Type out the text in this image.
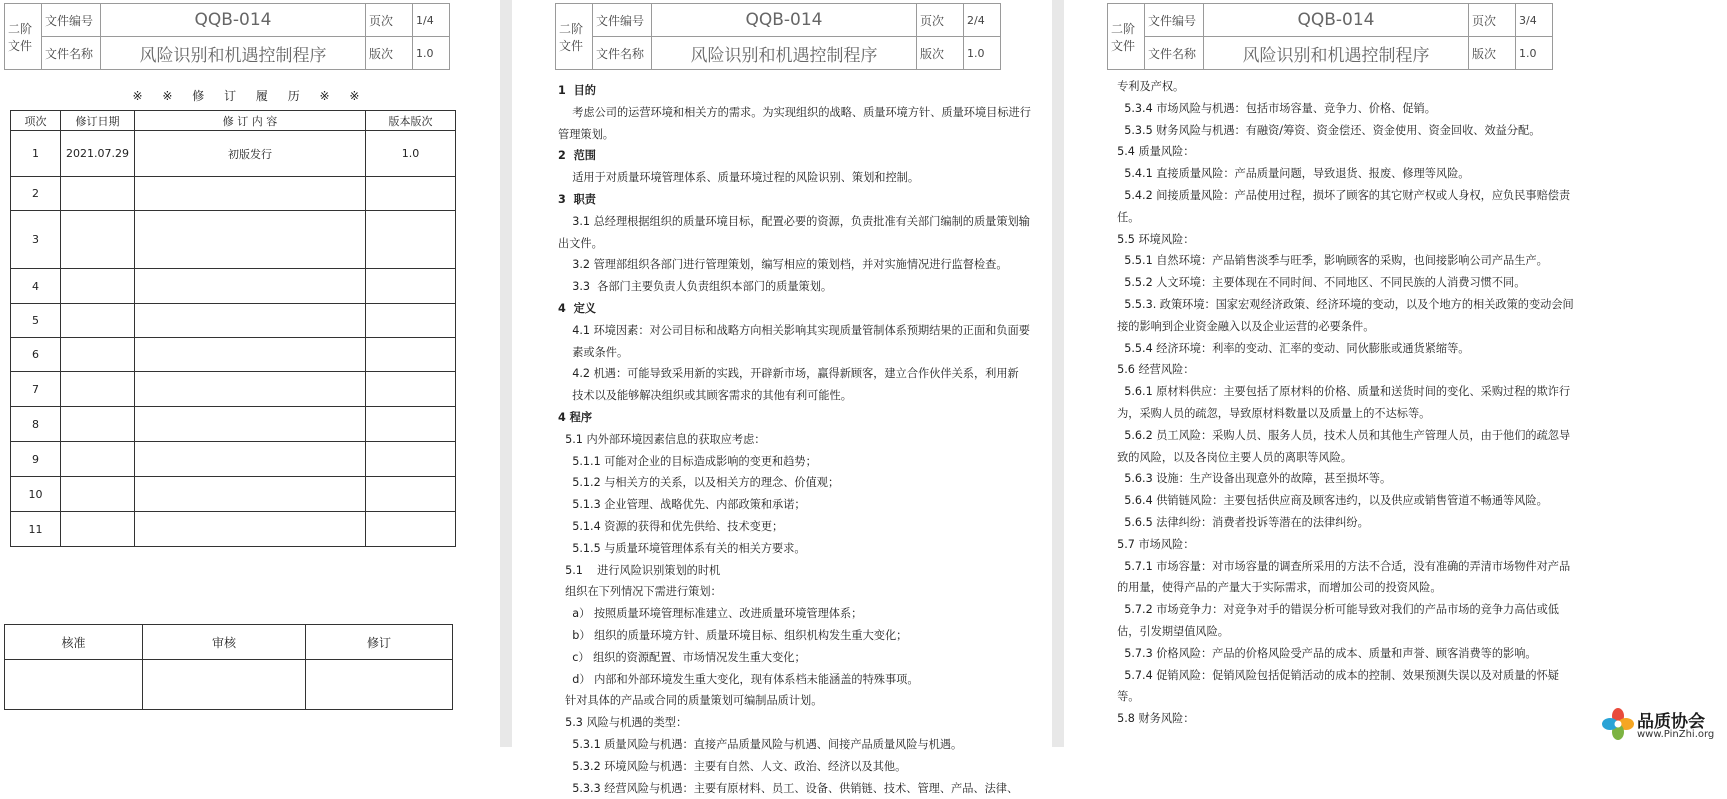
二阶文件	文件编号	QQB-014	页次	1/4
	文件名称	风险识别和机遇控制程序	版次	1.0
※ ※ 修 订 履 历 ※ ※
项次	修订日期	修 订 内 容	版本版次
1	2021.07.29	初版发行	1.0
2			
3			
4			
5			
6			
7			
8			
9			
10			
11			
核准	审核	修订

二阶文件	文件编号	QQB-014	页次	2/4
	文件名称	风险识别和机遇控制程序	版次	1.0
1  目的
考虑公司的运营环境和相关方的需求。为实现组织的战略、质量环境方针、质量环境目标进行
管理策划。
2  范围
适用于对质量环境管理体系、质量环境过程的风险识别、策划和控制。
3  职责
3.1 总经理根据组织的质量环境目标，配置必要的资源，负责批准有关部门编制的质量策划输
出文件。
3.2 管理部组织各部门进行管理策划，编写相应的策划档，并对实施情况进行监督检查。
3.3  各部门主要负责人负责组织本部门的质量策划。
4  定义
4.1 环境因素：对公司目标和战略方向相关影响其实现质量管制体系预期结果的正面和负面要
素或条件。
4.2 机遇：可能导致采用新的实践，开辟新市场，赢得新顾客，建立合作伙伴关系，利用新
技术以及能够解决组织或其顾客需求的其他有利可能性。
4 程序
5.1 内外部环境因素信息的获取应考虑：
5.1.1 可能对企业的目标造成影响的变更和趋势；
5.1.2 与相关方的关系，以及相关方的理念、价值观；
5.1.3 企业管理、战略优先、内部政策和承诺；
5.1.4 资源的获得和优先供给、技术变更；
5.1.5 与质量环境管理体系有关的相关方要求。
5.1    进行风险识别策划的时机
组织在下列情况下需进行策划：
a） 按照质量环境管理标准建立、改进质量环境管理体系；
b） 组织的质量环境方针、质量环境目标、组织机构发生重大变化；
c） 组织的资源配置、市场情况发生重大变化；
d） 内部和外部环境发生重大变化，现有体系档未能涵盖的特殊事项。
针对具体的产品或合同的质量策划可编制品质计划。
5.3 风险与机遇的类型：
5.3.1 质量风险与机遇：直接产品质量风险与机遇、间接产品质量风险与机遇。
5.3.2 环境风险与机遇：主要有自然、人文、政治、经济以及其他。
5.3.3 经营风险与机遇：主要有原材料、员工、设备、供销链、技术、管理、产品、法律、
二阶文件	文件编号	QQB-014	页次	3/4
	文件名称	风险识别和机遇控制程序	版次	1.0
专利及产权。
5.3.4 市场风险与机遇：包括市场容量、竞争力、价格、促销。
5.3.5 财务风险与机遇：有融资/筹资、资金偿还、资金使用、资金回收、效益分配。
5.4 质量风险：
5.4.1 直接质量风险：产品质量问题，导致退货、报废、修理等风险。
5.4.2 间接质量风险：产品使用过程，损坏了顾客的其它财产权或人身权，应负民事赔偿责
任。
5.5 环境风险：
5.5.1 自然环境：产品销售淡季与旺季，影响顾客的采购，也间接影响公司产品生产。
5.5.2 人文环境：主要体现在不同时间、不同地区、不同民族的人消费习惯不同。
5.5.3. 政策环境：国家宏观经济政策、经济环境的变动，以及个地方的相关政策的变动会间
接的影响到企业资金融入以及企业运营的必要条件。
5.5.4 经济环境：利率的变动、汇率的变动、同伙膨胀或通货紧缩等。
5.6 经营风险：
5.6.1 原材料供应：主要包括了原材料的价格、质量和送货时间的变化、采购过程的欺诈行
为，采购人员的疏忽，导致原材料数量以及质量上的不达标等。
5.6.2 员工风险：采购人员、服务人员，技术人员和其他生产管理人员，由于他们的疏忽导
致的风险，以及各岗位主要人员的离职等风险。
5.6.3 设施：生产设备出现意外的故障，甚至损坏等。
5.6.4 供销链风险：主要包括供应商及顾客违约，以及供应或销售管道不畅通等风险。
5.6.5 法律纠纷：消费者投诉等潜在的法律纠纷。
5.7 市场风险：
5.7.1 市场容量：对市场容量的调查所采用的方法不合适，没有准确的弄清市场物件对产品
的用量，使得产品的产量大于实际需求，而增加公司的投资风险。
5.7.2 市场竞争力：对竞争对手的错误分析可能导致对我们的产品市场的竞争力高估或低
估，引发期望值风险。
5.7.3 价格风险：产品的价格风险受产品的成本、质量和声誉、顾客消费等的影响。
5.7.4 促销风险：促销风险包括促销活动的成本的控制、效果预测失误以及对质量的怀疑
等。
5.8 财务风险：	品质协会
www.PinZhi.org
